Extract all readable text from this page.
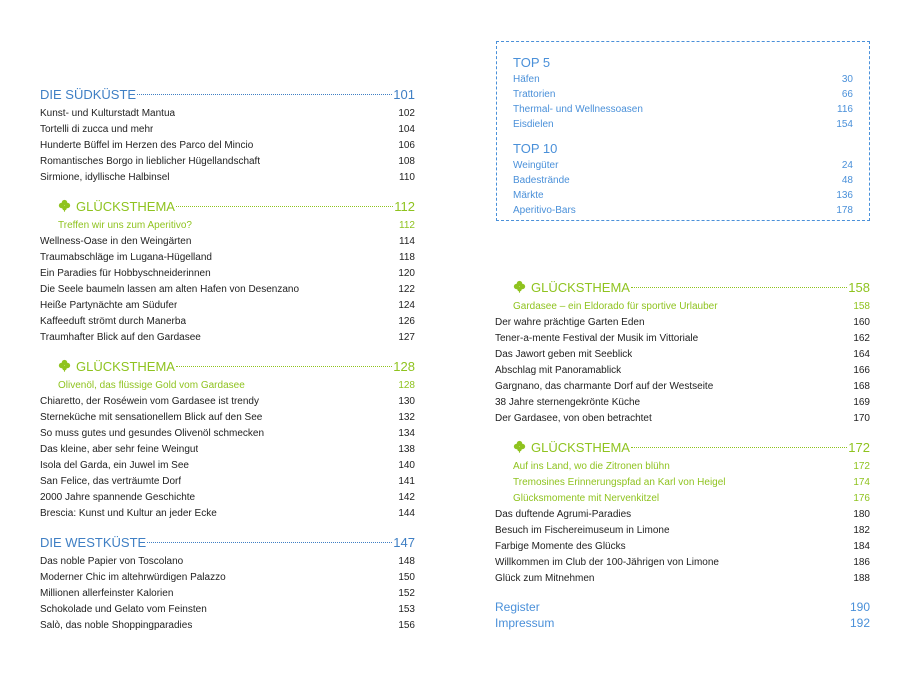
DIE SÜDKÜSTE	101
Kunst- und Kulturstadt Mantua	102
Tortelli di zucca und mehr	104
Hunderte Büffel im Herzen des Parco del Mincio	106
Romantisches Borgo in lieblicher Hügellandschaft	108
Sirmione, idyllische Halbinsel	110
GLÜCKSTHEMA	112
Treffen wir uns zum Aperitivo?	112
Wellness-Oase in den Weingärten	114
Traumabschläge im Lugana-Hügelland	118
Ein Paradies für Hobbyschneiderinnen	120
Die Seele baumeln lassen am alten Hafen von Desenzano	122
Heiße Partynächte am Südufer	124
Kaffeeduft strömt durch Manerba	126
Traumhafter Blick auf den Gardasee	127
GLÜCKSTHEMA	128
Olivenöl, das flüssige Gold vom Gardasee	128
Chiaretto, der Roséwein vom Gardasee ist trendy	130
Sterneküche mit sensationellem Blick auf den See	132
So muss gutes und gesundes Olivenöl schmecken	134
Das kleine, aber sehr feine Weingut	138
Isola del Garda, ein Juwel im See	140
San Felice, das verträumte Dorf	141
2000 Jahre spannende Geschichte	142
Brescia: Kunst und Kultur an jeder Ecke	144
DIE WESTKÜSTE	147
Das noble Papier von Toscolano	148
Moderner Chic im altehrwürdigen Palazzo	150
Millionen allerfeinster Kalorien	152
Schokolade und Gelato vom Feinsten	153
Salò, das noble Shoppingparadies	156
TOP 5
Häfen	30
Trattorien	66
Thermal- und Wellnessoasen	116
Eisdielen	154
TOP 10
Weingüter	24
Badestrände	48
Märkte	136
Aperitivo-Bars	178
GLÜCKSTHEMA	158
Gardasee – ein Eldorado für sportive Urlauber	158
Der wahre prächtige Garten Eden	160
Tener-a-mente Festival der Musik im Vittoriale	162
Das Jawort geben mit Seeblick	164
Abschlag mit Panoramablick	166
Gargnano, das charmante Dorf auf der Westseite	168
38 Jahre sternengekrönte Küche	169
Der Gardasee, von oben betrachtet	170
GLÜCKSTHEMA	172
Auf ins Land, wo die Zitronen blühn	172
Tremosines Erinnerungspfad an Karl von Heigel	174
Glücksmomente mit Nervenkitzel	176
Das duftende Agrumi-Paradies	180
Besuch im Fischereimuseum in Limone	182
Farbige Momente des Glücks	184
Willkommen im Club der 100-Jährigen von Limone	186
Glück zum Mitnehmen	188
Register	190
Impressum	192
